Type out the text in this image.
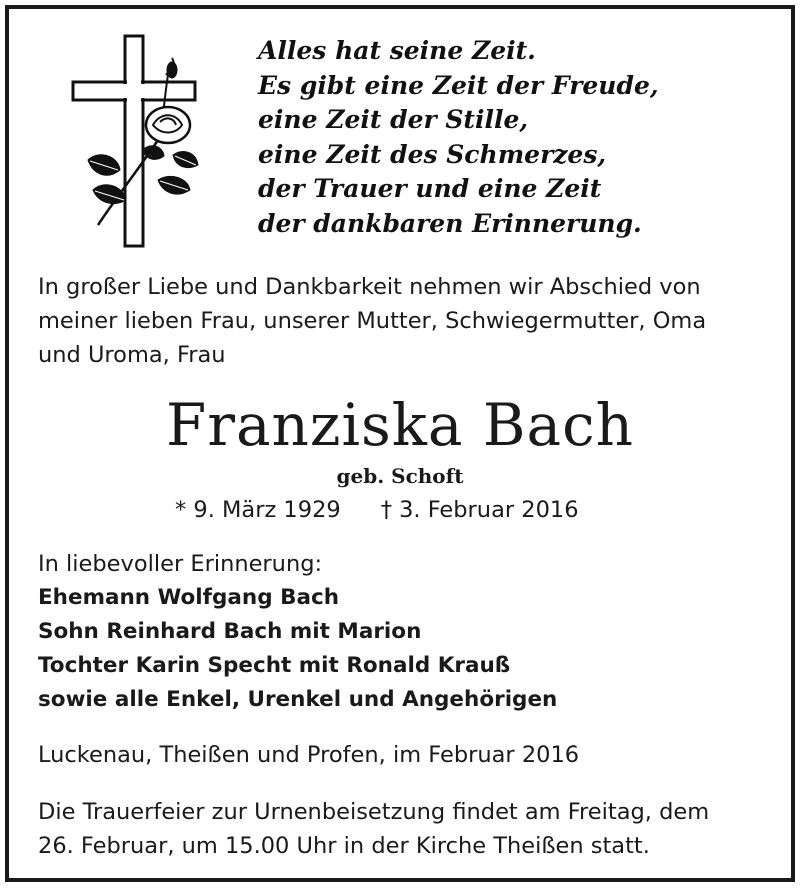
Alles hat seine Zeit.
Es gibt eine Zeit der Freude,
eine Zeit der Stille,
eine Zeit des Schmerzes,
der Trauer und eine Zeit
der dankbaren Erinnerung.
In großer Liebe und Dankbarkeit nehmen wir Abschied von
meiner lieben Frau, unserer Mutter, Schwiegermutter, Oma
und Uroma, Frau
Franziska Bach
geb. Schoft
* 9. März 1929 † 3. Februar 2016
In liebevoller Erinnerung:
Ehemann Wolfgang Bach
Sohn Reinhard Bach mit Marion
Tochter Karin Specht mit Ronald Krauß
sowie alle Enkel, Urenkel und Angehörigen
Luckenau, Theißen und Profen, im Februar 2016
Die Trauerfeier zur Urnenbeisetzung findet am Freitag, dem
26. Februar, um 15.00 Uhr in der Kirche Theißen statt.
